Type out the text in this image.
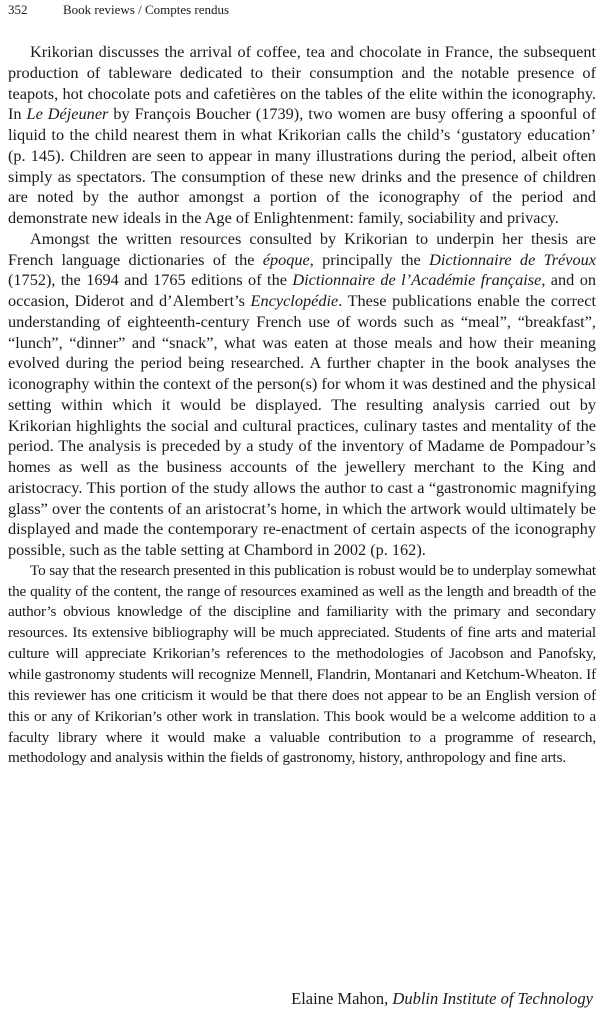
352	Book reviews / Comptes rendus

Krikorian discusses the arrival of coffee, tea and chocolate in France, the subsequent production of tableware dedicated to their consumption and the notable presence of teapots, hot chocolate pots and cafetières on the tables of the elite within the iconography. In Le Déjeuner by François Boucher (1739), two women are busy offering a spoonful of liquid to the child nearest them in what Krikorian calls the child’s ‘gustatory education’ (p. 145). Children are seen to appear in many illustrations during the period, albeit often simply as spectators. The consumption of these new drinks and the presence of children are noted by the author amongst a portion of the iconography of the period and demonstrate new ideals in the Age of Enlightenment: family, sociability and privacy.

Amongst the written resources consulted by Krikorian to underpin her thesis are French language dictionaries of the époque, principally the Dictionnaire de Trévoux (1752), the 1694 and 1765 editions of the Dictionnaire de l’Académie française, and on occasion, Diderot and d’Alembert’s Encyclopédie. These publications enable the correct understanding of eighteenth-century French use of words such as “meal”, “breakfast”, “lunch”, “dinner” and “snack”, what was eaten at those meals and how their meaning evolved during the period being researched. A further chapter in the book analyses the iconography within the context of the person(s) for whom it was destined and the physical setting within which it would be displayed. The resulting analysis carried out by Krikorian highlights the social and cultural practices, culinary tastes and mentality of the period. The analysis is preceded by a study of the inventory of Madame de Pompadour’s homes as well as the business accounts of the jewellery merchant to the King and aristocracy. This portion of the study allows the author to cast a “gastronomic magnifying glass” over the contents of an aristocrat’s home, in which the artwork would ultimately be displayed and made the contemporary re-enactment of certain aspects of the iconography possible, such as the table setting at Chambord in 2002 (p. 162).

To say that the research presented in this publication is robust would be to underplay somewhat the quality of the content, the range of resources examined as well as the length and breadth of the author’s obvious knowledge of the discipline and familiarity with the primary and secondary resources. Its extensive bibliography will be much appreciated. Students of fine arts and material culture will appreciate Krikorian’s references to the methodologies of Jacobson and Panofsky, while gastronomy students will recognize Mennell, Flandrin, Montanari and Ketchum-Wheaton. If this reviewer has one criticism it would be that there does not appear to be an English version of this or any of Krikorian’s other work in translation. This book would be a welcome addition to a faculty library where it would make a valuable contribution to a programme of research, methodology and analysis within the fields of gastronomy, history, anthropology and fine arts.

Elaine Mahon, Dublin Institute of Technology
